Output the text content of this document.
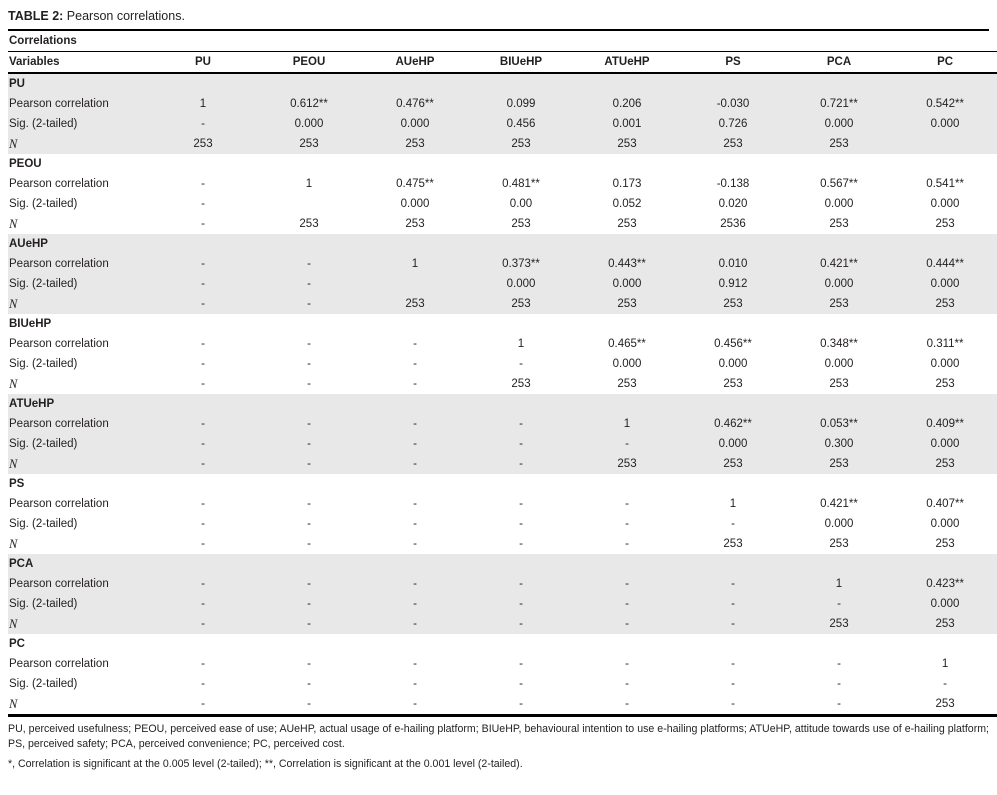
TABLE 2: Pearson correlations.
Correlations								
Variables	PU	PEOU	AUeHP	BIUeHP	ATUeHP	PS	PCA	PC
PU								
Pearson correlation	1	0.612**	0.476**	0.099	0.206	-0.030	0.721**	0.542**
Sig. (2-tailed)	-	0.000	0.000	0.456	0.001	0.726	0.000	0.000
N	253	253	253	253	253	253	253	
PEOU								
Pearson correlation	-	1	0.475**	0.481**	0.173	-0.138	0.567**	0.541**
Sig. (2-tailed)	-		0.000	0.00	0.052	0.020	0.000	0.000
N	-	253	253	253	253	2536	253	253
AUeHP								
Pearson correlation	-	-	1	0.373**	0.443**	0.010	0.421**	0.444**
Sig. (2-tailed)	-	-		0.000	0.000	0.912	0.000	0.000
N	-	-	253	253	253	253	253	253
BIUeHP								
Pearson correlation	-	-	-	1	0.465**	0.456**	0.348**	0.311**
Sig. (2-tailed)	-	-	-	-	0.000	0.000	0.000	0.000
N	-	-	-	253	253	253	253	253
ATUeHP								
Pearson correlation	-	-	-	-	1	0.462**	0.053**	0.409**
Sig. (2-tailed)	-	-	-	-	-	0.000	0.300	0.000
N	-	-	-	-	253	253	253	253
PS								
Pearson correlation	-	-	-	-	-	1	0.421**	0.407**
Sig. (2-tailed)	-	-	-	-	-	-	0.000	0.000
N	-	-	-	-	-	253	253	253
PCA								
Pearson correlation	-	-	-	-	-	-	1	0.423**
Sig. (2-tailed)	-	-	-	-	-	-	-	0.000
N	-	-	-	-	-	-	253	253
PC								
Pearson correlation	-	-	-	-	-	-	-	1
Sig. (2-tailed)	-	-	-	-	-	-	-	-
N	-	-	-	-	-	-	-	253

PU, perceived usefulness; PEOU, perceived ease of use; AUeHP, actual usage of e-hailing platform; BIUeHP, behavioural intention to use e-hailing platforms; ATUeHP, attitude towards use of e-hailing platform; PS, perceived safety; PCA, perceived convenience; PC, perceived cost.

*, Correlation is significant at the 0.005 level (2-tailed); **, Correlation is significant at the 0.001 level (2-tailed).
